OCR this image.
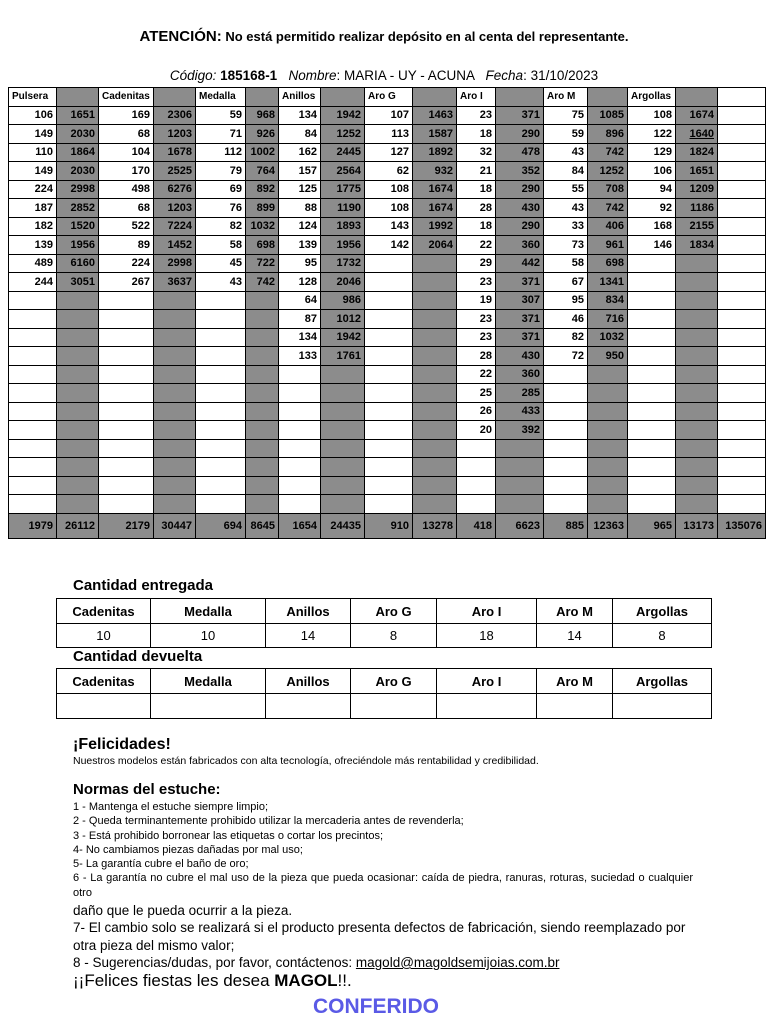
ATENCIÓN: No está permitido realizar depósito en al centa del representante.
Código: 185168-1 Nombre: MARIA - UY - ACUNA Fecha: 31/10/2023
Pulsera		Cadenitas		Medalla		Anillos		Aro G		Aro I		Aro M		Argollas		
106	1651	169	2306	59	968	134	1942	107	1463	23	371	75	1085	108	1674	
149	2030	68	1203	71	926	84	1252	113	1587	18	290	59	896	122	1640	
110	1864	104	1678	112	1002	162	2445	127	1892	32	478	43	742	129	1824	
149	2030	170	2525	79	764	157	2564	62	932	21	352	84	1252	106	1651	
224	2998	498	6276	69	892	125	1775	108	1674	18	290	55	708	94	1209	
187	2852	68	1203	76	899	88	1190	108	1674	28	430	43	742	92	1186	
182	1520	522	7224	82	1032	124	1893	143	1992	18	290	33	406	168	2155	
139	1956	89	1452	58	698	139	1956	142	2064	22	360	73	961	146	1834	
489	6160	224	2998	45	722	95	1732			29	442	58	698			
244	3051	267	3637	43	742	128	2046			23	371	67	1341			
						64	986			19	307	95	834			
						87	1012			23	371	46	716			
						134	1942			23	371	82	1032			
						133	1761			28	430	72	950			
										22	360					
										25	285					
										26	433					
										20	392					

1979	26112	2179	30447	694	8645	1654	24435	910	13278	418	6623	885	12363	965	13173	135076
Cantidad entregada
Cadenitas	Medalla	Anillos	Aro G	Aro I	Aro M	Argollas
10	10	14	8	18	14	8
Cantidad devuelta
Cadenitas	Medalla	Anillos	Aro G	Aro I	Aro M	Argollas

¡Felicidades!
Nuestros modelos están fabricados con alta tecnología, ofreciéndole más rentabilidad y credibilidad.
Normas del estuche:
1 - Mantenga el estuche siempre limpio;
2 - Queda terminantemente prohibido utilizar la mercaderia antes de revenderla;
3 - Está prohibido borronear las etiquetas o cortar los precintos;
4- No cambiamos piezas dañadas por mal uso;
5- La garantía cubre el baño de oro;
6 - La garantía no cubre el mal uso de la pieza que pueda ocasionar: caída de piedra, ranuras, roturas, suciedad o cualquier otro
daño que le pueda ocurrir a la pieza.
7- El cambio solo se realizará si el producto presenta defectos de fabricación, siendo reemplazado por otra pieza del mismo valor;
8 - Sugerencias/dudas, por favor, contáctenos: magold@magoldsemijoias.com.br
¡¡Felices fiestas les desea MAGOL!!.
CONFERIDO
